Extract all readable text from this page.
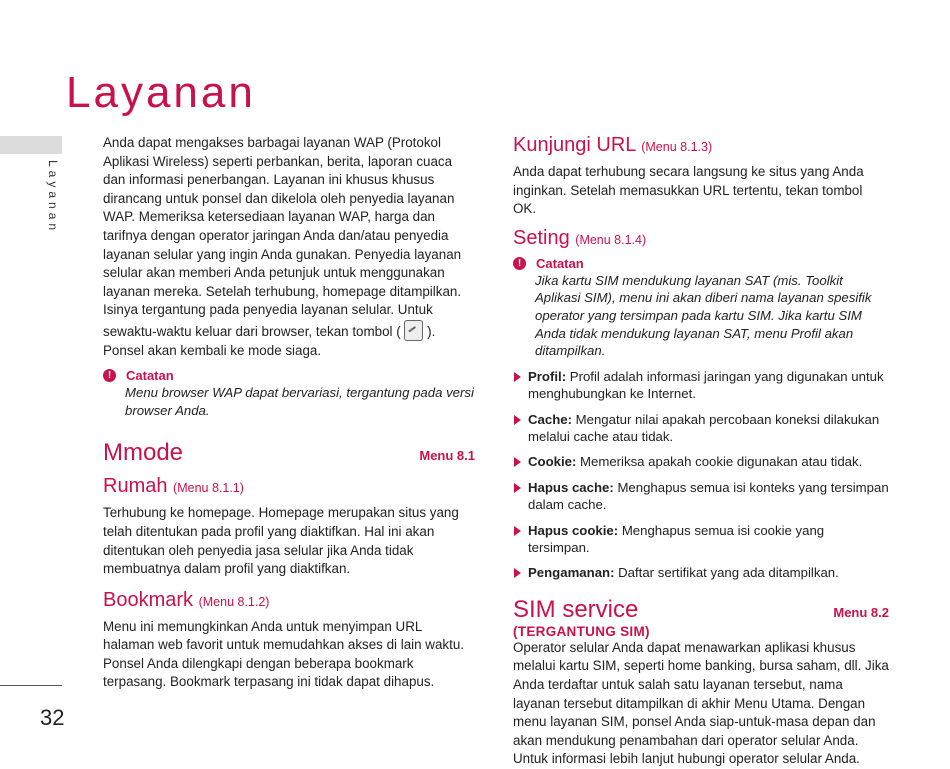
Layanan
Layanan
32

Anda dapat mengakses barbagai layanan WAP (Protokol Aplikasi Wireless) seperti perbankan, berita, laporan cuaca dan informasi penerbangan. Layanan ini khusus khusus dirancang untuk ponsel dan dikelola oleh penyedia layanan WAP. Memeriksa ketersediaan layanan WAP, harga dan tarifnya dengan operator jaringan Anda dan/atau penyedia layanan selular yang ingin Anda gunakan. Penyedia layanan selular akan memberi Anda petunjuk untuk menggunakan layanan mereka. Setelah terhubung, homepage ditampilkan. Isinya tergantung pada penyedia layanan selular. Untuk sewaktu-waktu keluar dari browser, tekan tombol ( ). Ponsel akan kembali ke mode siaga.

!	Catatan
Menu browser WAP dapat bervariasi, tergantung pada versi browser Anda.
Mmode	Menu 8.1
Rumah (Menu 8.1.1)

Terhubung ke homepage. Homepage merupakan situs yang telah ditentukan pada profil yang diaktifkan. Hal ini akan ditentukan oleh penyedia jasa selular jika Anda tidak membuatnya dalam profil yang diaktifkan.

Bookmark (Menu 8.1.2)

Menu ini memungkinkan Anda untuk menyimpan URL halaman web favorit untuk memudahkan akses di lain waktu. Ponsel Anda dilengkapi dengan beberapa bookmark terpasang. Bookmark terpasang ini tidak dapat dihapus.

Kunjungi URL (Menu 8.1.3)

Anda dapat terhubung secara langsung ke situs yang Anda inginkan. Setelah memasukkan URL tertentu, tekan tombol OK.

Seting (Menu 8.1.4)
!	Catatan
Jika kartu SIM mendukung layanan SAT (mis. Toolkit Aplikasi SIM), menu ini akan diberi nama layanan spesifik operator yang tersimpan pada kartu SIM. Jika kartu SIM Anda tidak mendukung layanan SAT, menu Profil akan ditampilkan.
Profil: Profil adalah informasi jaringan yang digunakan untuk menghubungkan ke Internet.
Cache: Mengatur nilai apakah percobaan koneksi dilakukan melalui cache atau tidak.
Cookie: Memeriksa apakah cookie digunakan atau tidak.
Hapus cache: Menghapus semua isi konteks yang tersimpan dalam cache.
Hapus cookie: Menghapus semua isi cookie yang tersimpan.
Pengamanan: Daftar sertifikat yang ada ditampilkan.
SIM service	Menu 8.2
(TERGANTUNG SIM)

Operator selular Anda dapat menawarkan aplikasi khusus melalui kartu SIM, seperti home banking, bursa saham, dll. Jika Anda terdaftar untuk salah satu layanan tersebut, nama layanan tersebut ditampilkan di akhir Menu Utama. Dengan menu layanan SIM, ponsel Anda siap-untuk-masa depan dan akan mendukung penambahan dari operator selular Anda. Untuk informasi lebih lanjut hubungi operator selular Anda.
